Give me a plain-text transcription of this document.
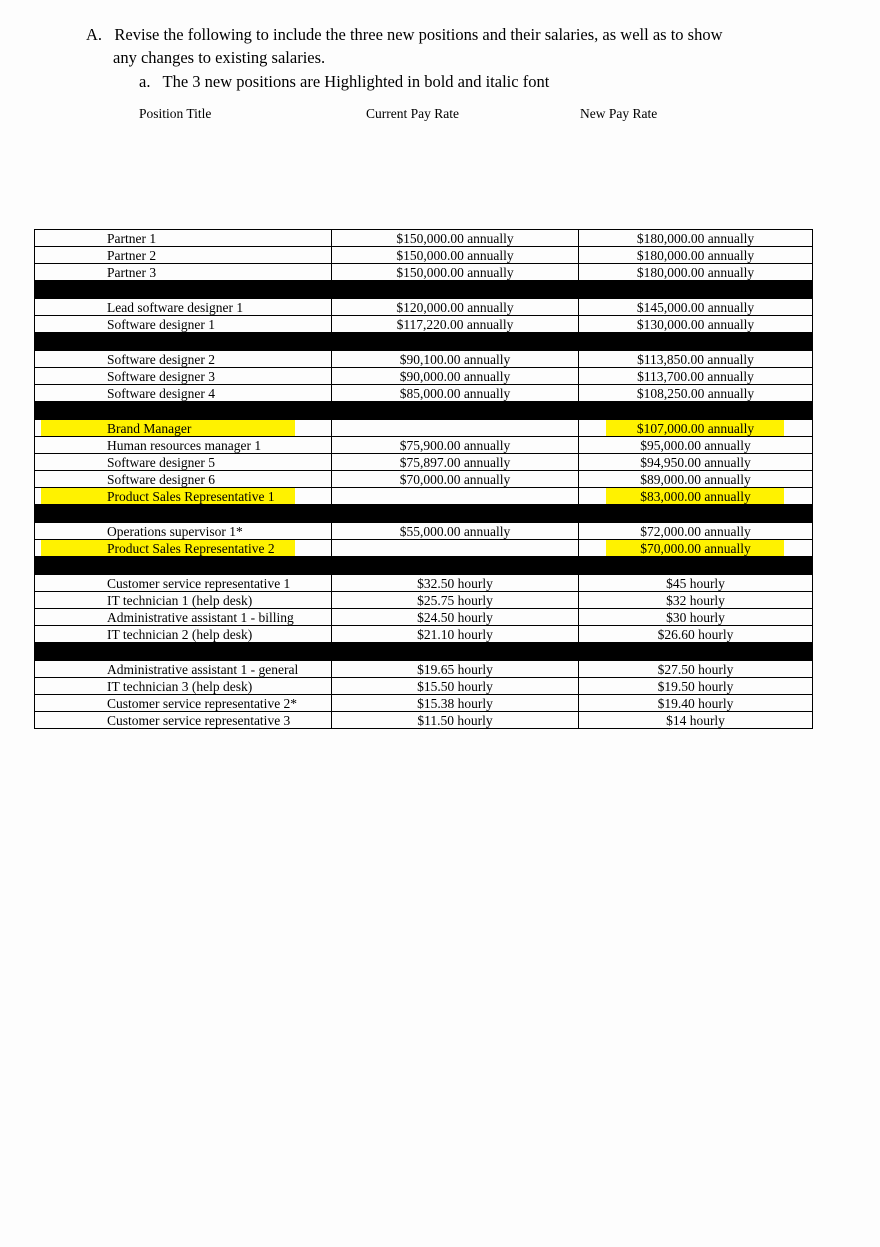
A. Revise the following to include the three new positions and their salaries, as well as to show
any changes to existing salaries.
a. The 3 new positions are Highlighted in bold and italic font
Position Title	Current Pay Rate	New Pay Rate
Partner 1	$150,000.00 annually	$180,000.00 annually
Partner 2	$150,000.00 annually	$180,000.00 annually
Partner 3	$150,000.00 annually	$180,000.00 annually

Lead software designer 1	$120,000.00 annually	$145,000.00 annually
Software designer 1	$117,220.00 annually	$130,000.00 annually

Software designer 2	$90,100.00 annually	$113,850.00 annually
Software designer 3	$90,000.00 annually	$113,700.00 annually
Software designer 4	$85,000.00 annually	$108,250.00 annually

Brand Manager		$107,000.00 annually
Human resources manager 1	$75,900.00 annually	$95,000.00 annually
Software designer 5	$75,897.00 annually	$94,950.00 annually
Software designer 6	$70,000.00 annually	$89,000.00 annually
Product Sales Representative 1		$83,000.00 annually

Operations supervisor 1*	$55,000.00 annually	$72,000.00 annually
Product Sales Representative 2		$70,000.00 annually

Customer service representative 1	$32.50 hourly	$45 hourly
IT technician 1 (help desk)	$25.75 hourly	$32 hourly
Administrative assistant 1 - billing	$24.50 hourly	$30 hourly
IT technician 2 (help desk)	$21.10 hourly	$26.60 hourly

Administrative assistant 1 - general	$19.65 hourly	$27.50 hourly
IT technician 3 (help desk)	$15.50 hourly	$19.50 hourly
Customer service representative 2*	$15.38 hourly	$19.40 hourly
Customer service representative 3	$11.50 hourly	$14 hourly
